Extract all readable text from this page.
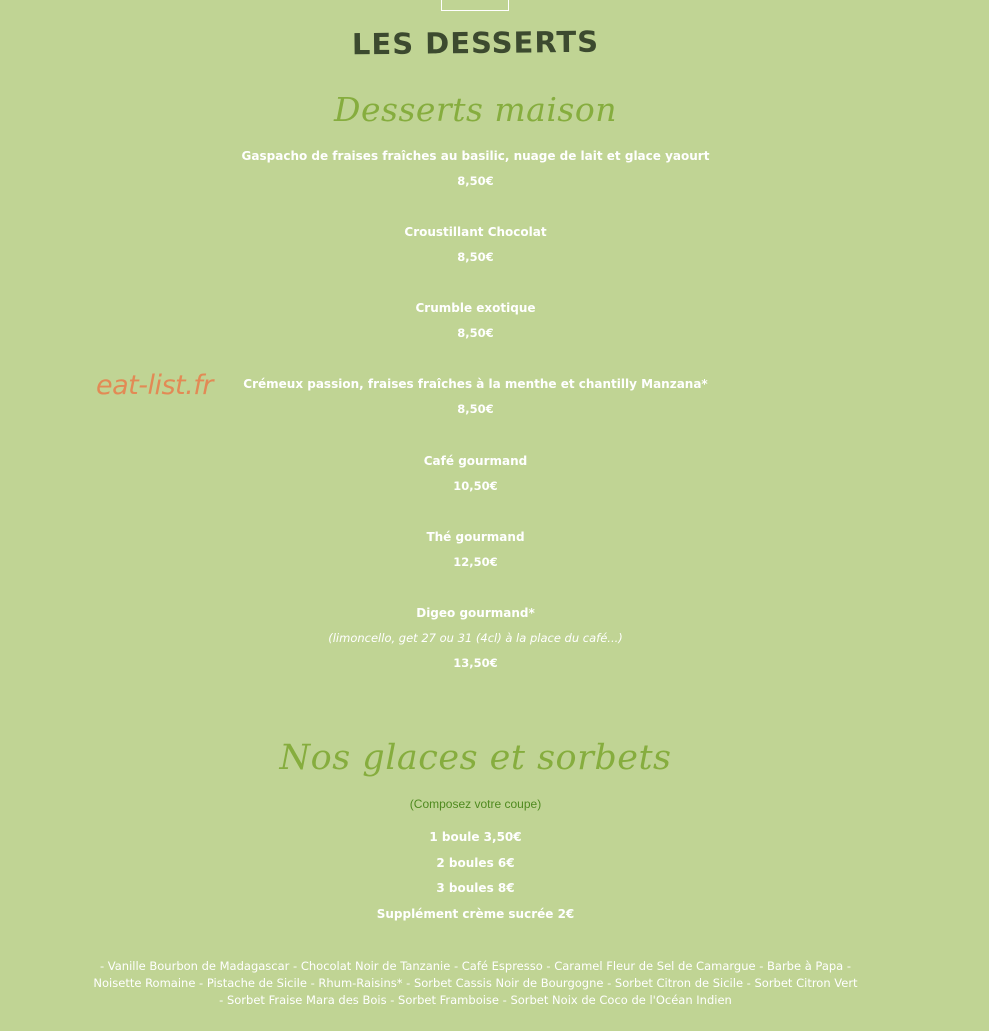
LES DESSERTS
Desserts maison
Gaspacho de fraises fraîches au basilic, nuage de lait et glace yaourt
8,50€
Croustillant Chocolat
8,50€
Crumble exotique
8,50€
Crémeux passion, fraises fraîches à la menthe et chantilly Manzana*
8,50€
Café gourmand
10,50€
Thé gourmand
12,50€
Digeo gourmand*
(limoncello, get 27 ou 31 (4cl) à la place du café...)
13,50€
eat-list.fr
Nos glaces et sorbets
(Composez votre coupe)
1 boule 3,50€
2 boules 6€
3 boules 8€
Supplément crème sucrée 2€
- Vanille Bourbon de Madagascar - Chocolat Noir de Tanzanie - Café Espresso - Caramel Fleur de Sel de Camargue - Barbe à Papa -
Noisette Romaine - Pistache de Sicile - Rhum-Raisins* - Sorbet Cassis Noir de Bourgogne - Sorbet Citron de Sicile - Sorbet Citron Vert
- Sorbet Fraise Mara des Bois - Sorbet Framboise - Sorbet Noix de Coco de l'Océan Indien
